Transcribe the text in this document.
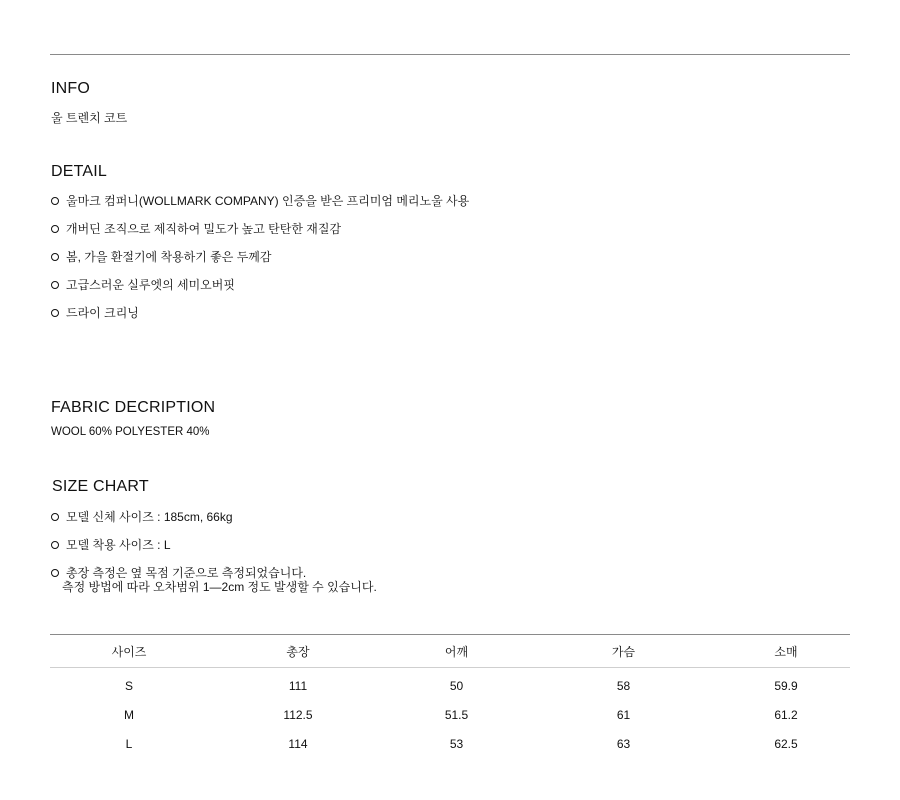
INFO

울 트렌치 코트

DETAIL
울마크 컴퍼니(WOLLMARK COMPANY) 인증을 받은 프리미엄 메리노울 사용
개버딘 조직으로 제직하여 밀도가 높고 탄탄한 재질감
봄, 가을 환절기에 착용하기 좋은 두께감
고급스러운 실루엣의 세미오버핏
드라이 크리닝
FABRIC DECRIPTION

WOOL 60% POLYESTER 40%

SIZE CHART
모델 신체 사이즈 : 185cm, 66kg
모델 착용 사이즈 : L
총장 측정은 옆 목점 기준으로 측정되었습니다.
측정 방법에 따라 오차범위 1—2cm 정도 발생할 수 있습니다.
사이즈	총장	어깨	가슴	소매
S	111	50	58	59.9
M	112.5	51.5	61	61.2
L	114	53	63	62.5
